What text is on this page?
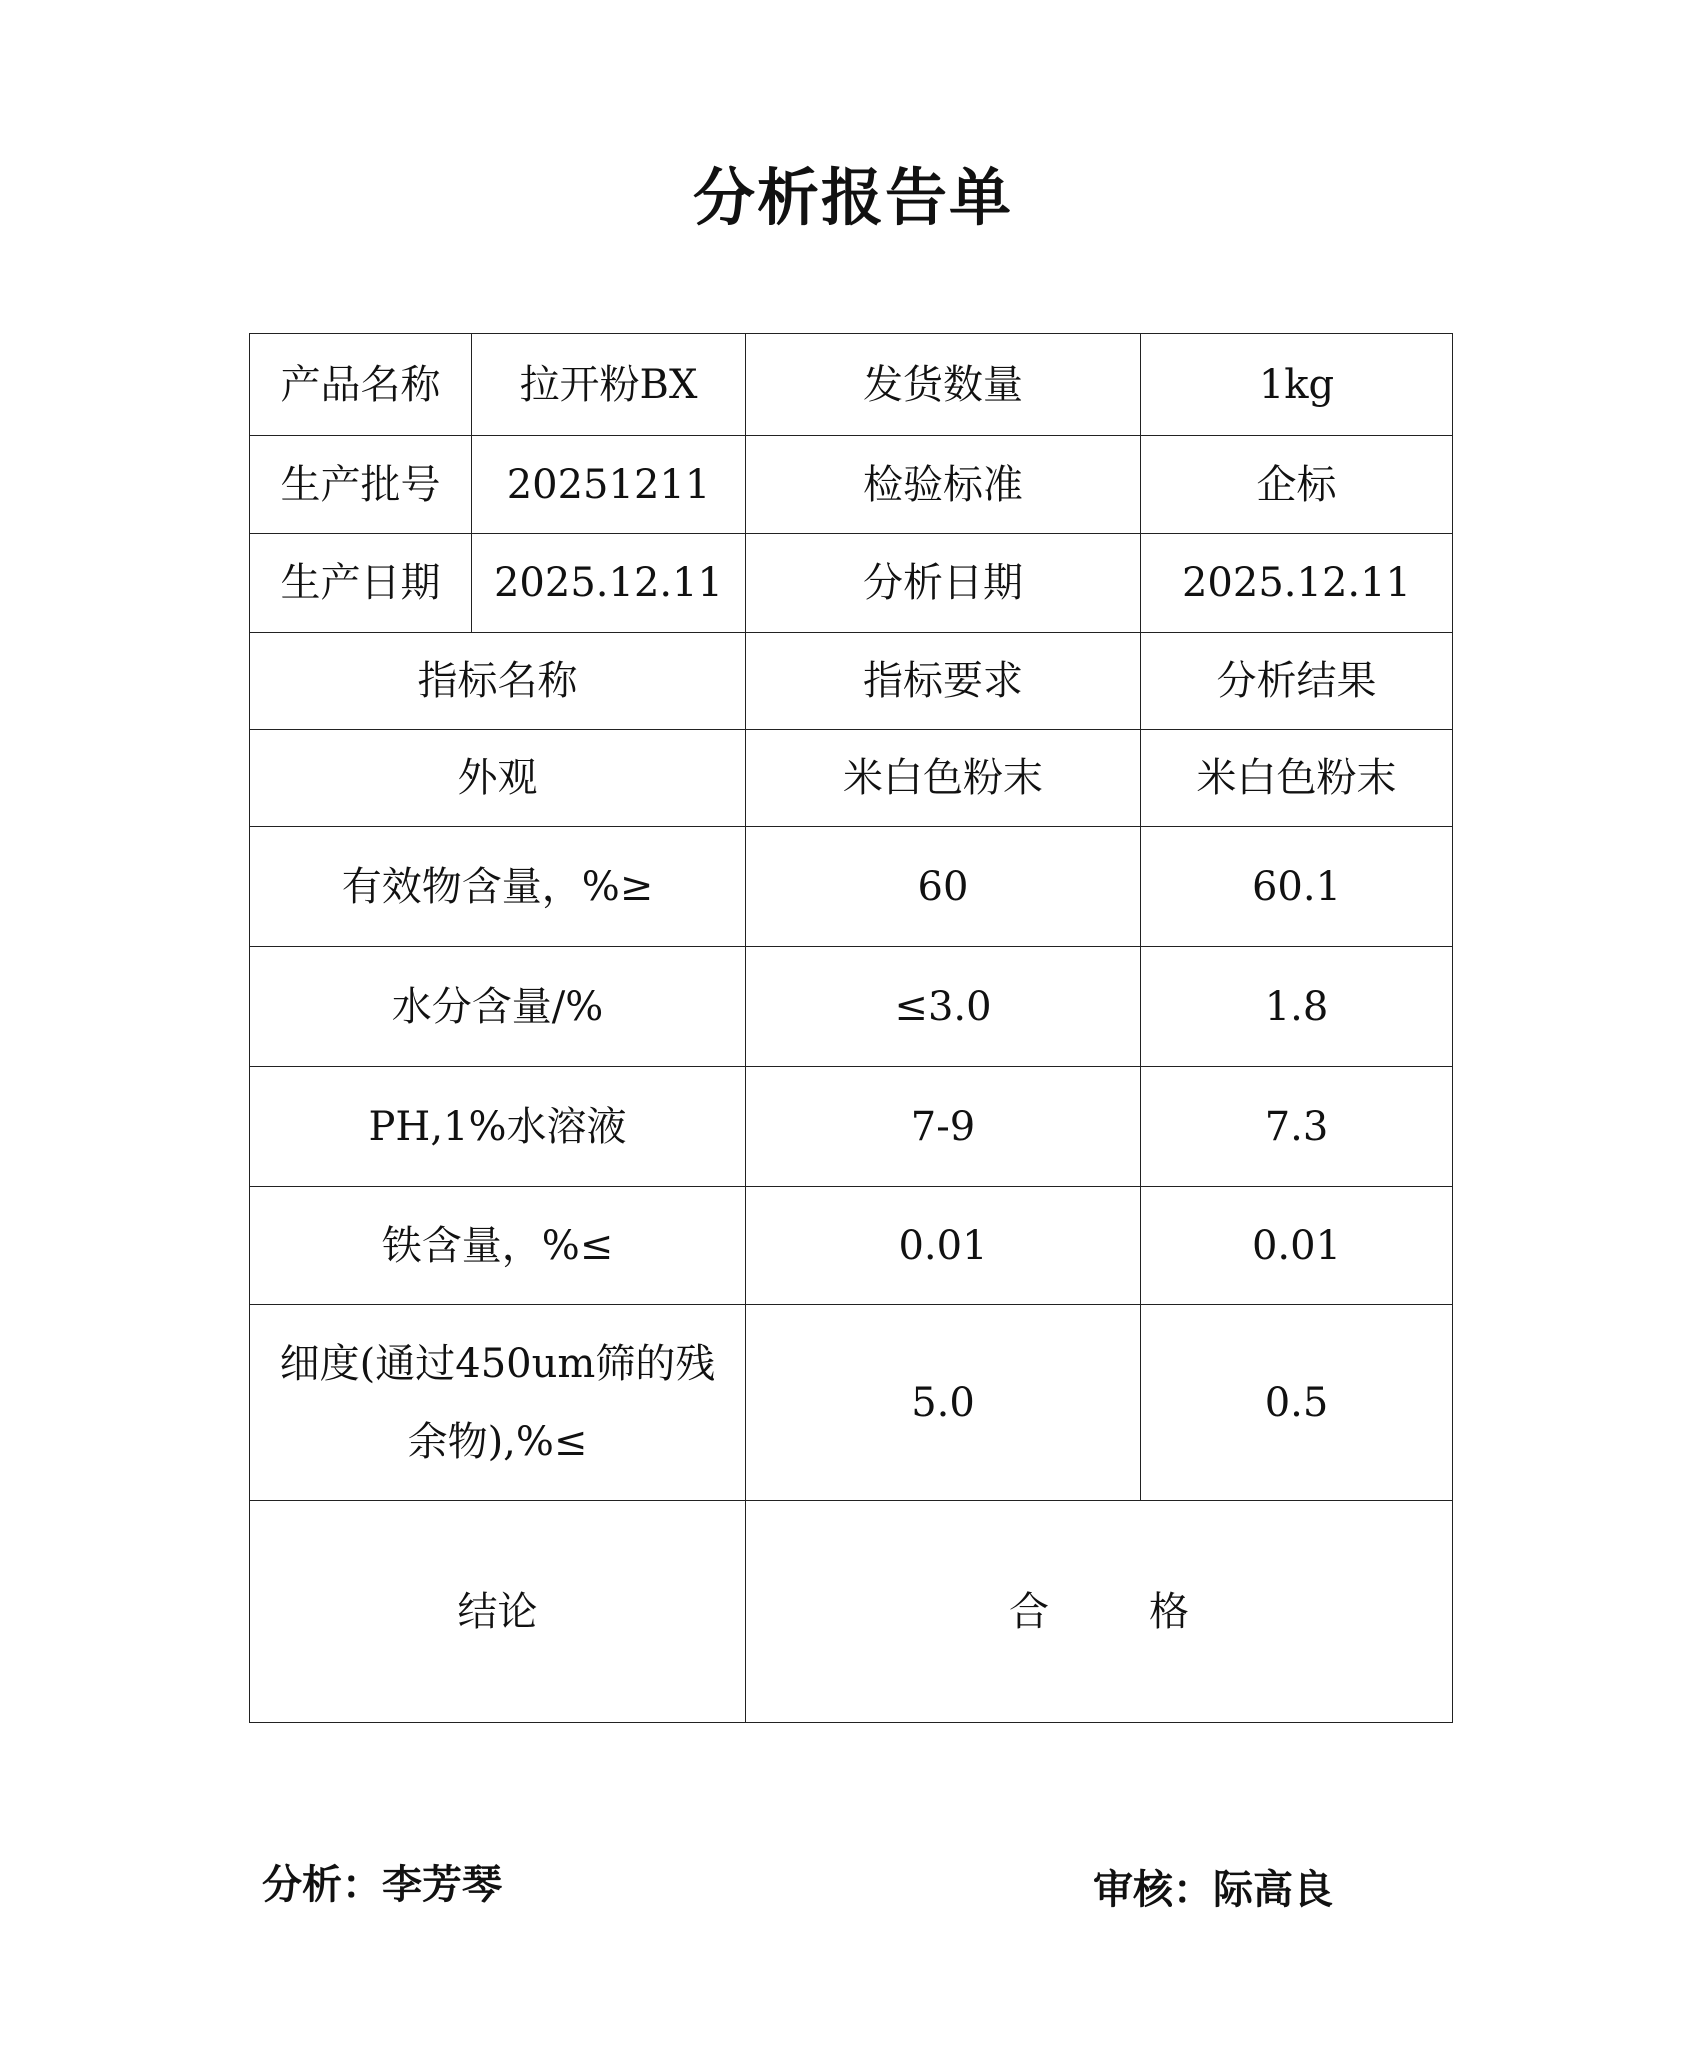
分析报告单
产品名称	拉开粉BX	发货数量	1kg
生产批号	20251211	检验标准	企标
生产日期	2025.12.11	分析日期	2025.12.11
指标名称		指标要求	分析结果
外观		米白色粉末	米白色粉末
有效物含量，%≥		60	60.1
水分含量/%		≤3.0	1.8
PH,1%水溶液		7-9	7.3
铁含量，%≤		0.01	0.01
细度(通过450um筛的残
余物),%≤		5.0	0.5
结论		合 格	
分析：李芳琴	审核：际高良
